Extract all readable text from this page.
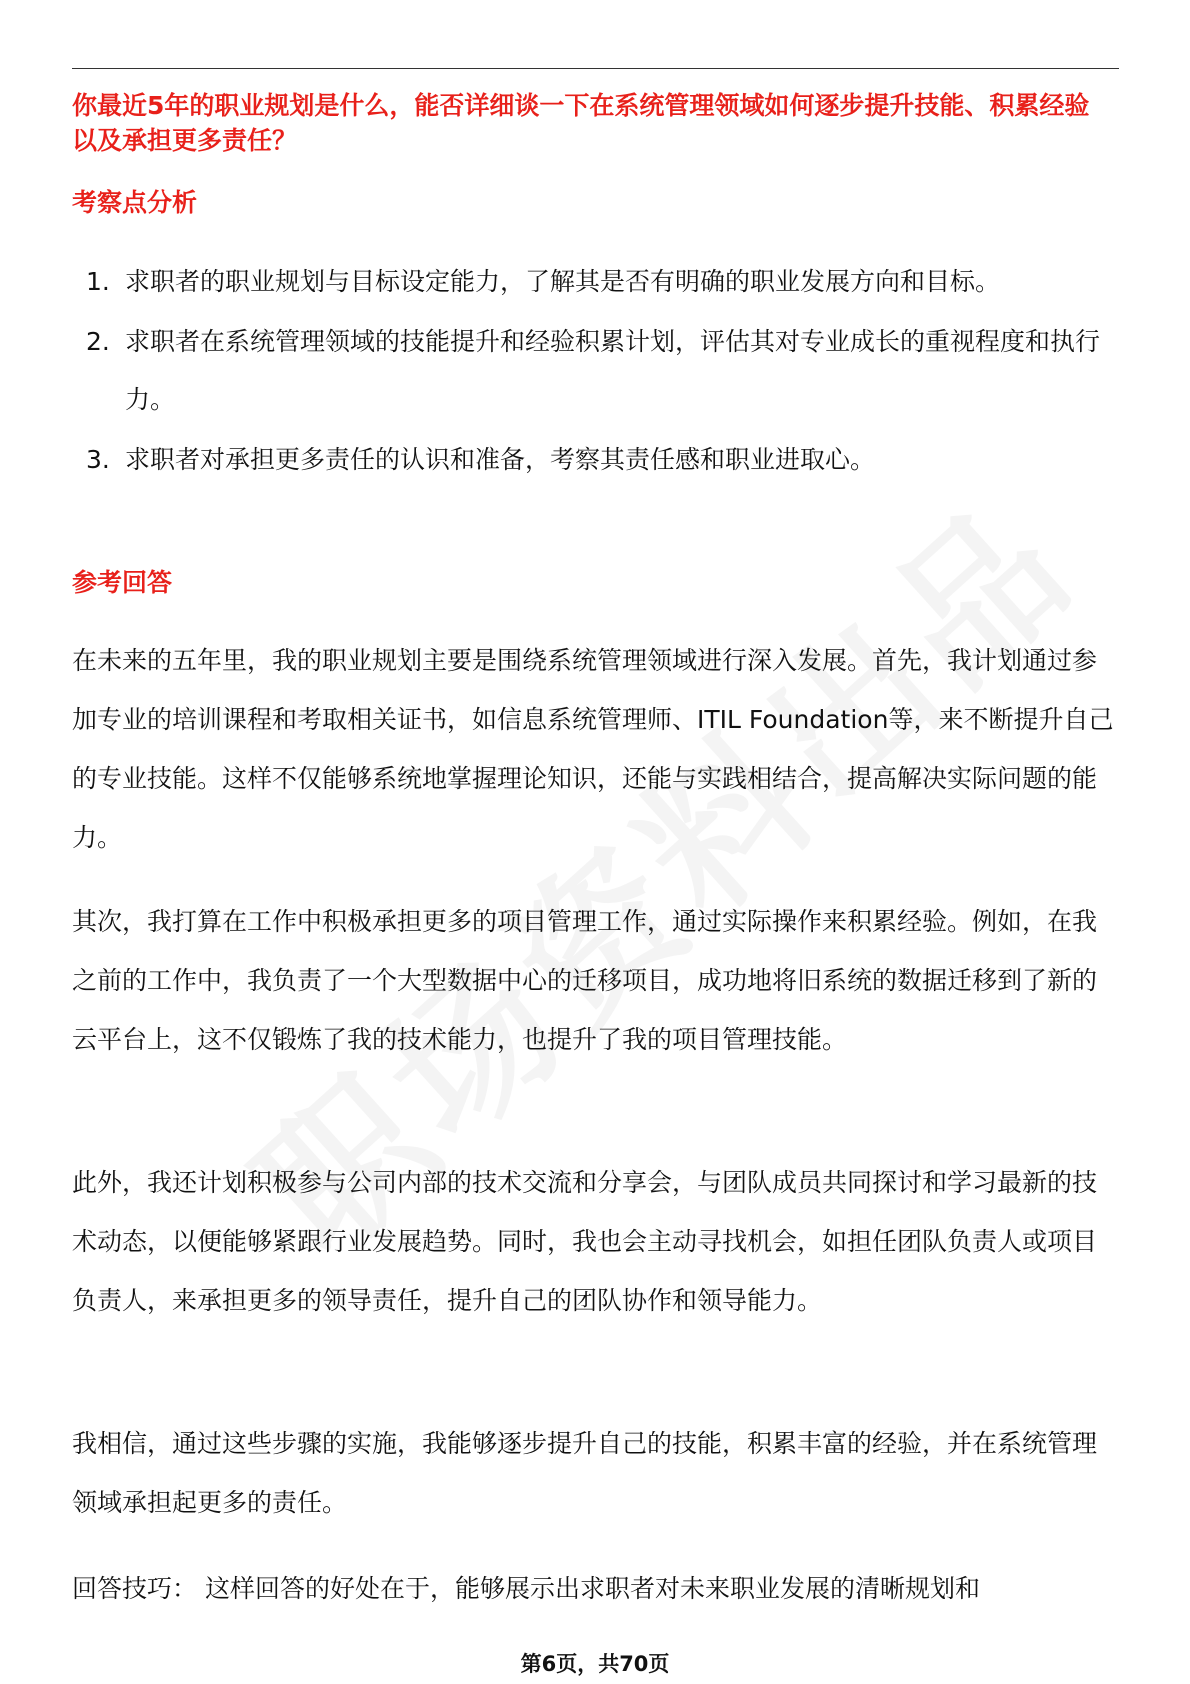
你最近5年的职业规划是什么，能否详细谈一下在系统管理领域如何逐步提升技能、积累经验以及承担更多责任？
考察点分析
1. 求职者的职业规划与目标设定能力，了解其是否有明确的职业发展方向和目标。
2. 求职者在系统管理领域的技能提升和经验积累计划，评估其对专业成长的重视程度和执行力。
3. 求职者对承担更多责任的认识和准备，考察其责任感和职业进取心。
参考回答

在未来的五年里，我的职业规划主要是围绕系统管理领域进行深入发展。首先，我计划通过参加专业的培训课程和考取相关证书，如信息系统管理师、ITIL Foundation等，来不断提升自己的专业技能。这样不仅能够系统地掌握理论知识，还能与实践相结合，提高解决实际问题的能力。

其次，我打算在工作中积极承担更多的项目管理工作，通过实际操作来积累经验。例如，在我之前的工作中，我负责了一个大型数据中心的迁移项目，成功地将旧系统的数据迁移到了新的云平台上，这不仅锻炼了我的技术能力，也提升了我的项目管理技能。

此外，我还计划积极参与公司内部的技术交流和分享会，与团队成员共同探讨和学习最新的技术动态，以便能够紧跟行业发展趋势。同时，我也会主动寻找机会，如担任团队负责人或项目负责人，来承担更多的领导责任，提升自己的团队协作和领导能力。

我相信，通过这些步骤的实施，我能够逐步提升自己的技能，积累丰富的经验，并在系统管理领域承担起更多的责任。

回答技巧： 这样回答的好处在于，能够展示出求职者对未来职业发展的清晰规划和

第6页，共70页
